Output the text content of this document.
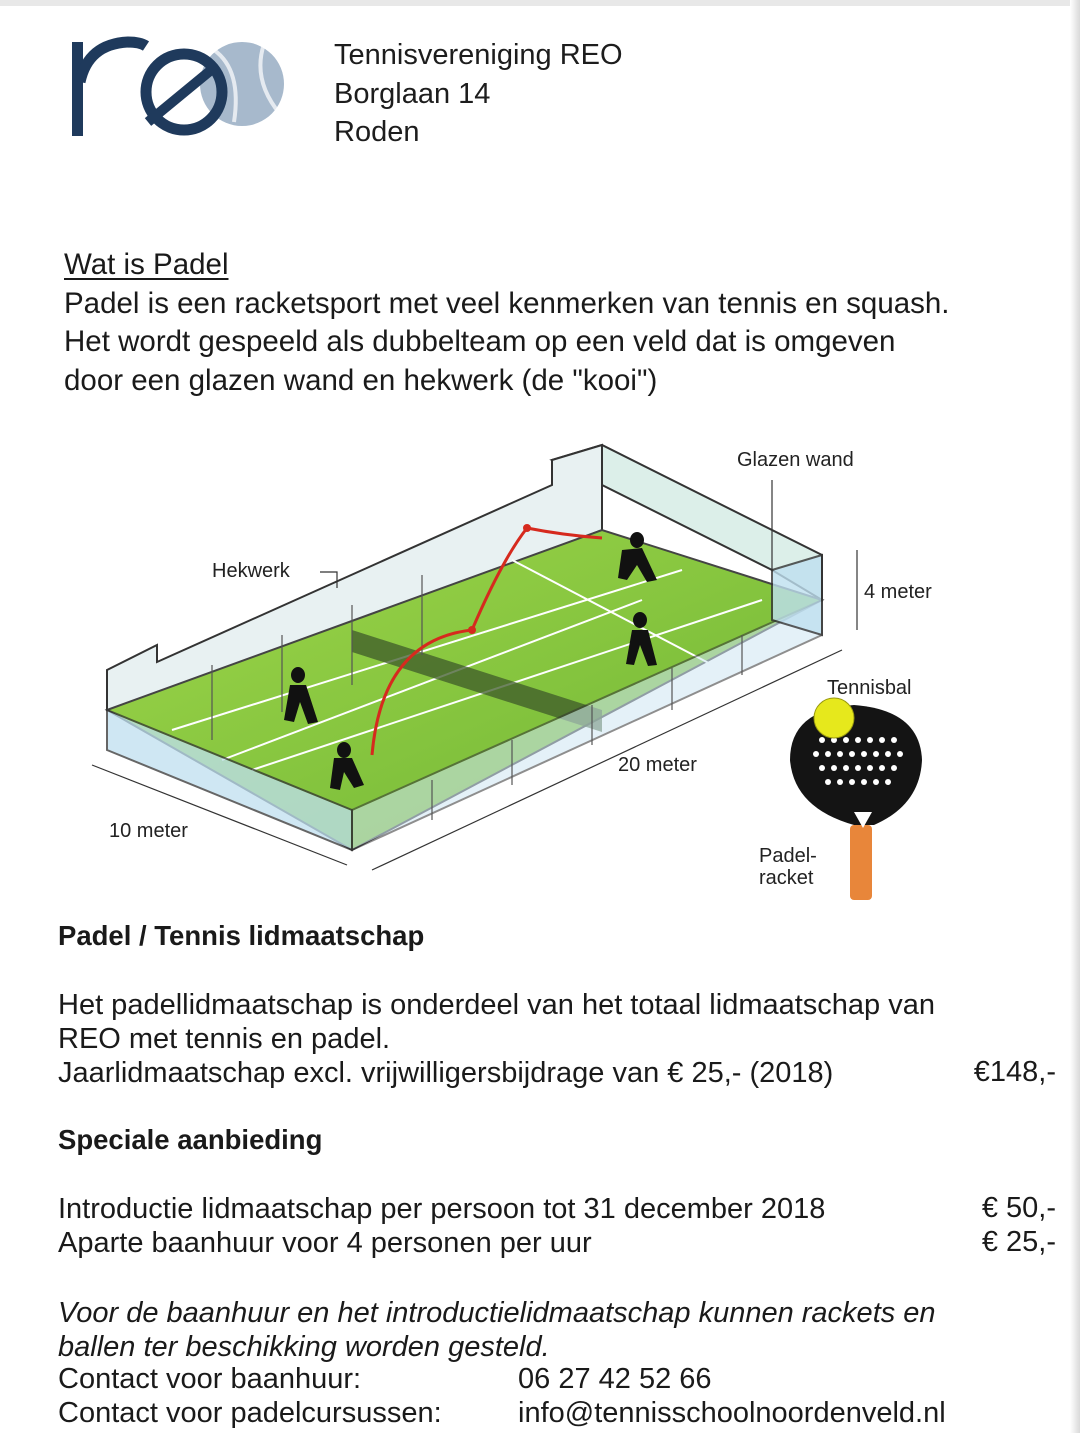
Tennisvereniging REO
Borglaan 14
Roden
Wat is Padel
Padel is een racketsport met veel kenmerken van tennis en squash.
Het wordt gespeeld als dubbelteam op een veld dat is omgeven
door een glazen wand en hekwerk (de "kooi")
Glazen wand
Hekwerk
4 meter
20 meter
10 meter
Tennisbal
Padel-
racket
Padel / Tennis lidmaatschap
Het padellidmaatschap is onderdeel van het totaal lidmaatschap van
REO met tennis en padel.
Jaarlidmaatschap excl. vrijwilligersbijdrage van € 25,- (2018)	€148,-
Speciale aanbieding
Introductie lidmaatschap per persoon tot 31 december 2018	€ 50,-
Aparte baanhuur voor 4 personen per uur	€ 25,-
Voor de baanhuur en het introductielidmaatschap kunnen rackets en
ballen ter beschikking worden gesteld.
Contact voor baanhuur:	06 27 42 52 66
Contact voor padelcursussen:	info@tennisschoolnoordenveld.nl
